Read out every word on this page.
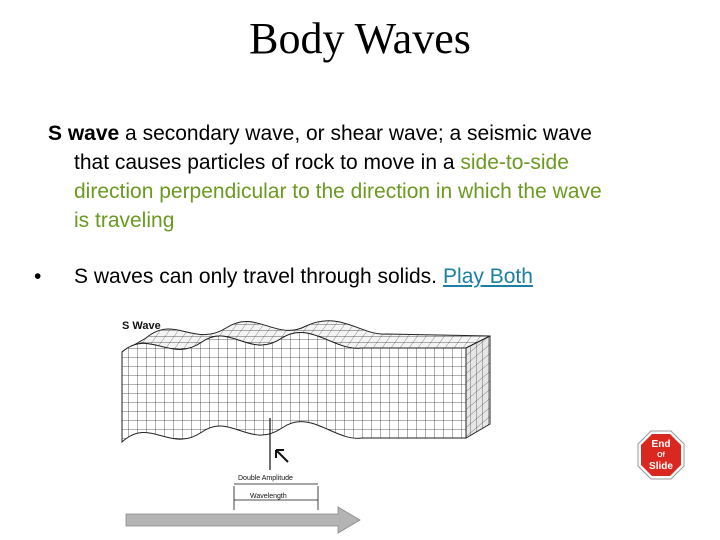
Body Waves
S wave a secondary wave, or shear wave; a seismic wave
that causes particles of rock to move in a side-to-side
direction perpendicular to the direction in which the wave
is traveling
• S waves can only travel through solids. Play Both
S Wave
Double Amplitude
Wavelength
End
Of
Slide
